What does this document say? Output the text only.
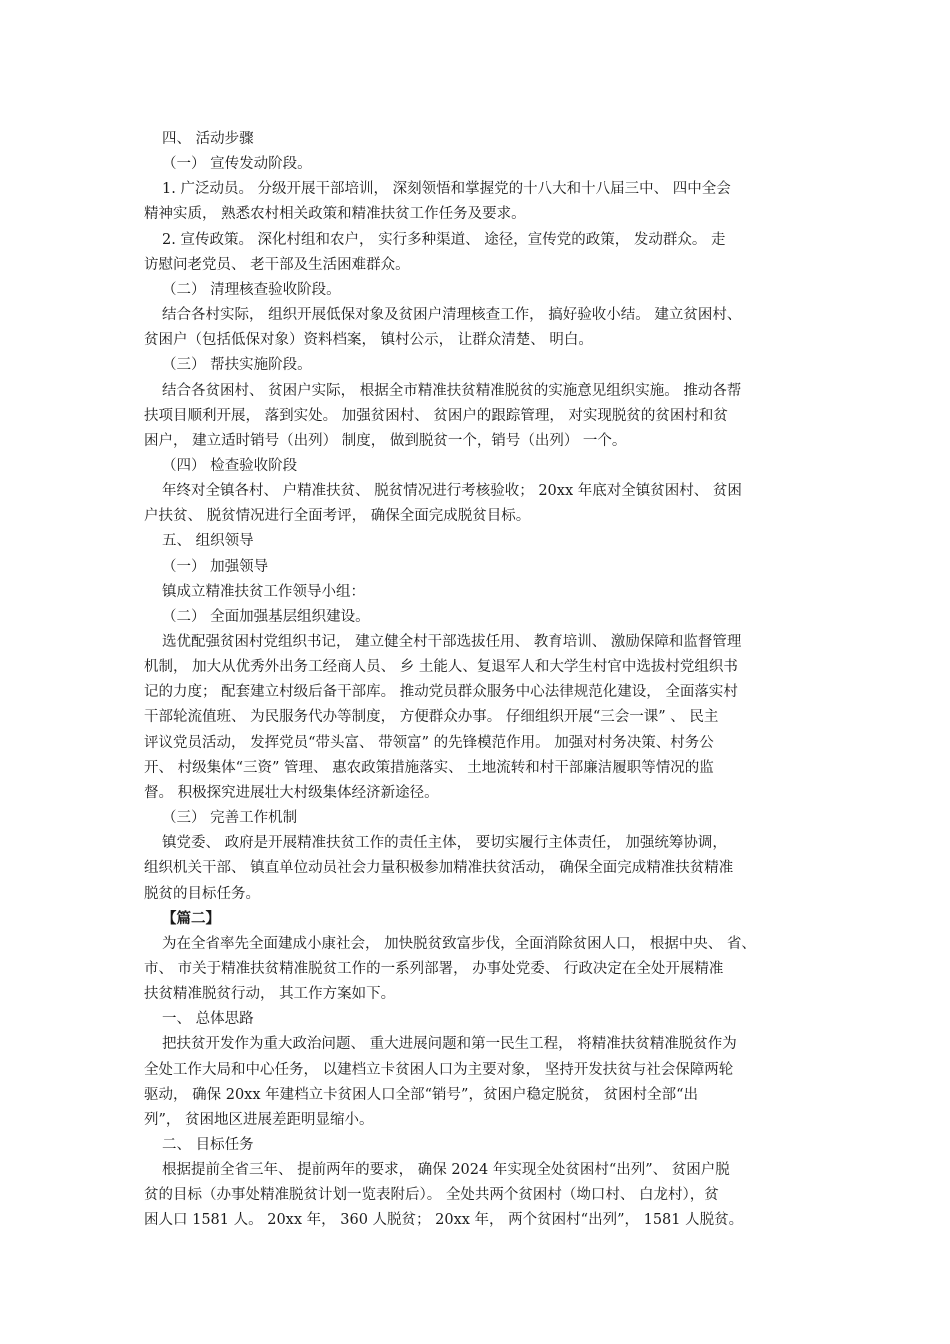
四、 活动步骤
（一） 宣传发动阶段。
1. 广泛动员。 分级开展干部培训， 深刻领悟和掌握党的十八大和十八届三中、 四中全会
精神实质， 熟悉农村相关政策和精准扶贫工作任务及要求。
2. 宣传政策。 深化村组和农户， 实行多种渠道、 途径，宣传党的政策， 发动群众。 走
访慰问老党员、 老干部及生活困难群众。
（二） 清理核查验收阶段。
结合各村实际， 组织开展低保对象及贫困户清理核查工作， 搞好验收小结。 建立贫困村、
贫困户（包括低保对象）资料档案， 镇村公示， 让群众清楚、 明白。
（三） 帮扶实施阶段。
结合各贫困村、 贫困户实际， 根据全市精准扶贫精准脱贫的实施意见组织实施。 推动各帮
扶项目顺利开展， 落到实处。 加强贫困村、 贫困户的跟踪管理， 对实现脱贫的贫困村和贫
困户， 建立适时销号（出列） 制度， 做到脱贫一个，销号（出列） 一个。
（四） 检查验收阶段
年终对全镇各村、 户精准扶贫、 脱贫情况进行考核验收； 20xx 年底对全镇贫困村、 贫困
户扶贫、 脱贫情况进行全面考评， 确保全面完成脱贫目标。
五、 组织领导
（一） 加强领导
镇成立精准扶贫工作领导小组：
（二） 全面加强基层组织建设。
选优配强贫困村党组织书记， 建立健全村干部选拔任用、 教育培训、 激励保障和监督管理
机制， 加大从优秀外出务工经商人员、 乡 土能人、复退军人和大学生村官中选拔村党组织书
记的力度； 配套建立村级后备干部库。 推动党员群众服务中心法律规范化建设， 全面落实村
干部轮流值班、 为民服务代办等制度， 方便群众办事。 仔细组织开展“三会一课” 、 民主
评议党员活动， 发挥党员“带头富、 带领富” 的先锋模范作用。 加强对村务决策、村务公
开、 村级集体“三资” 管理、 惠农政策措施落实、 土地流转和村干部廉洁履职等情况的监
督。 积极探究进展壮大村级集体经济新途径。
（三） 完善工作机制
镇党委、 政府是开展精准扶贫工作的责任主体， 要切实履行主体责任， 加强统筹协调，
组织机关干部、 镇直单位动员社会力量积极参加精准扶贫活动， 确保全面完成精准扶贫精准
脱贫的目标任务。
【篇二】
为在全省率先全面建成小康社会， 加快脱贫致富步伐，全面消除贫困人口， 根据中央、 省、
市、 市关于精准扶贫精准脱贫工作的一系列部署， 办事处党委、 行政决定在全处开展精准
扶贫精准脱贫行动， 其工作方案如下。
一、 总体思路
把扶贫开发作为重大政治问题、 重大进展问题和第一民生工程， 将精准扶贫精准脱贫作为
全处工作大局和中心任务， 以建档立卡贫困人口为主要对象， 坚持开发扶贫与社会保障两轮
驱动， 确保 20xx 年建档立卡贫困人口全部“销号”，贫困户稳定脱贫， 贫困村全部“出
列”， 贫困地区进展差距明显缩小。
二、 目标任务
根据提前全省三年、 提前两年的要求， 确保 2024 年实现全处贫困村“出列”、 贫困户脱
贫的目标（办事处精准脱贫计划一览表附后）。 全处共两个贫困村（坳口村、 白龙村），贫
困人口 1581 人。 20xx 年， 360 人脱贫； 20xx 年， 两个贫困村“出列”， 1581 人脱贫。
